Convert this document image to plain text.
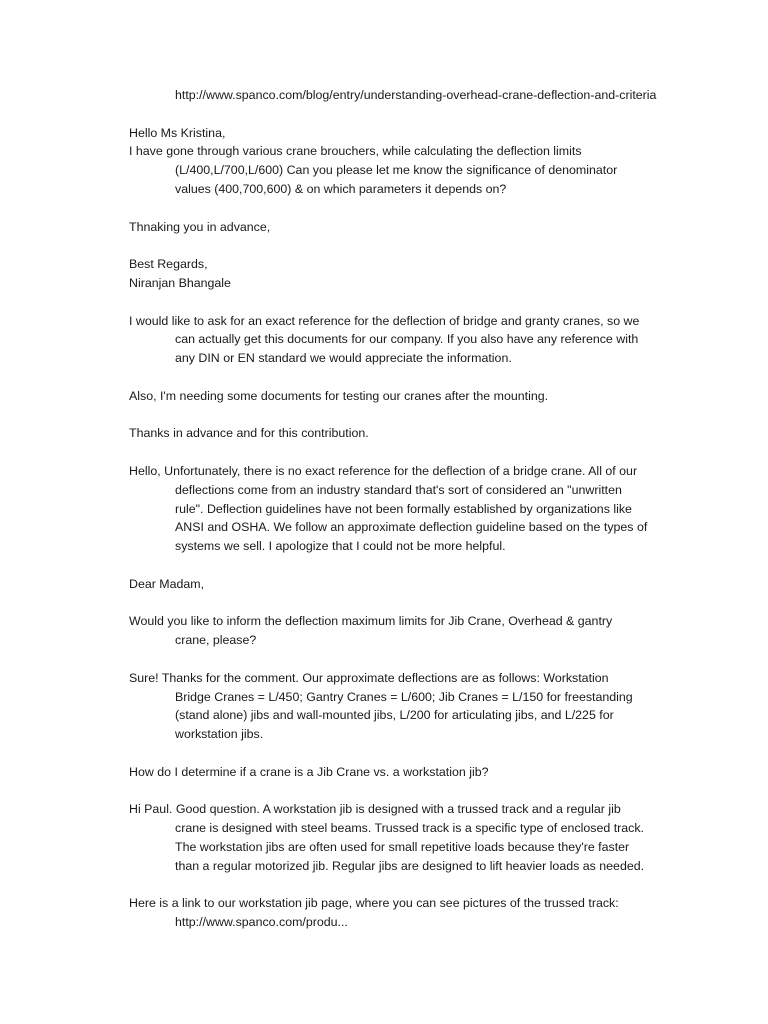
http://www.spanco.com/blog/entry/understanding-overhead-crane-deflection-and-criteria
Hello Ms Kristina,
I have gone through various crane brouchers, while calculating the deflection limits
(L/400,L/700,L/600) Can you please let me know the significance of denominator
values (400,700,600) & on which parameters it depends on?
Thnaking you in advance,
Best Regards,
Niranjan Bhangale
I would like to ask for an exact reference for the deflection of bridge and granty cranes, so we
can actually get this documents for our company. If you also have any reference with
any DIN or EN standard we would appreciate the information.
Also, I'm needing some documents for testing our cranes after the mounting.
Thanks in advance and for this contribution.
Hello, Unfortunately, there is no exact reference for the deflection of a bridge crane. All of our
deflections come from an industry standard that's sort of considered an "unwritten
rule". Deflection guidelines have not been formally established by organizations like
ANSI and OSHA. We follow an approximate deflection guideline based on the types of
systems we sell. I apologize that I could not be more helpful.
Dear Madam,
Would you like to inform the deflection maximum limits for Jib Crane, Overhead & gantry
crane, please?
Sure! Thanks for the comment. Our approximate deflections are as follows: Workstation
Bridge Cranes = L/450; Gantry Cranes = L/600; Jib Cranes = L/150 for freestanding
(stand alone) jibs and wall-mounted jibs, L/200 for articulating jibs, and L/225 for
workstation jibs.
How do I determine if a crane is a Jib Crane vs. a workstation jib?
Hi Paul. Good question. A workstation jib is designed with a trussed track and a regular jib
crane is designed with steel beams. Trussed track is a specific type of enclosed track.
The workstation jibs are often used for small repetitive loads because they're faster
than a regular motorized jib. Regular jibs are designed to lift heavier loads as needed.
Here is a link to our workstation jib page, where you can see pictures of the trussed track:
http://www.spanco.com/produ...
